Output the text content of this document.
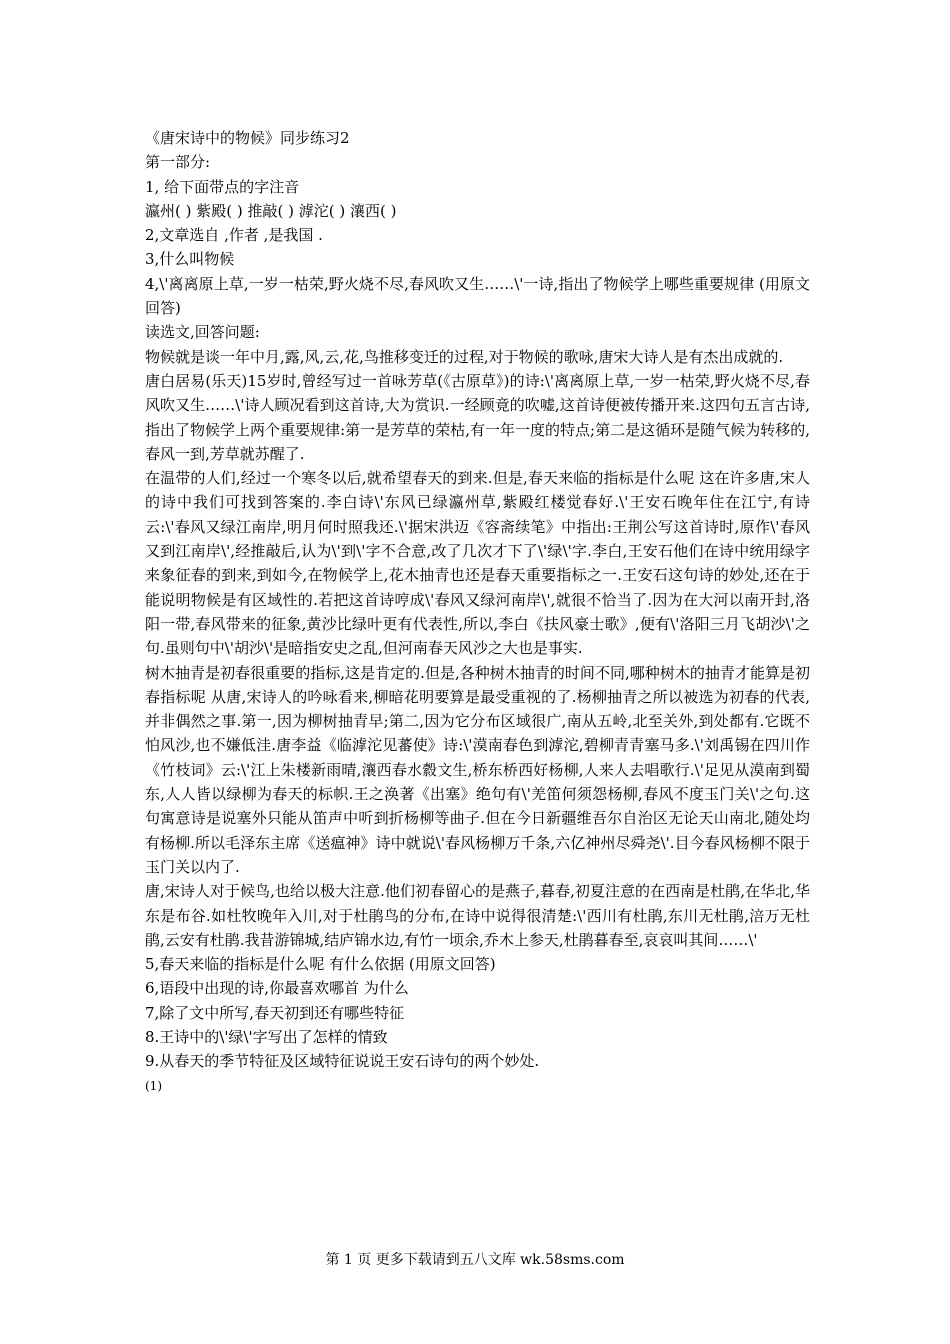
《唐宋诗中的物候》同步练习2
第一部分:
1, 给下面带点的字注音
瀛州( ) 紫殿( ) 推敲( ) 滹沱( ) 瀼西( )
2,文章选自 ,作者 ,是我国 .
3,什么叫物候
4,\'离离原上草,一岁一枯荣,野火烧不尽,春风吹又生……\'一诗,指出了物候学上哪些重要规律 (用原文回答)
读选文,回答问题:
物候就是谈一年中月,露,风,云,花,鸟推移变迁的过程,对于物候的歌咏,唐宋大诗人是有杰出成就的.
唐白居易(乐天)15岁时,曾经写过一首咏芳草(《古原草》)的诗:\'离离原上草,一岁一枯荣,野火烧不尽,春风吹又生……\'诗人顾况看到这首诗,大为赏识.一经顾竟的吹嘘,这首诗便被传播开来.这四句五言古诗,指出了物候学上两个重要规律:第一是芳草的荣枯,有一年一度的特点;第二是这循环是随气候为转移的,春风一到,芳草就苏醒了.
在温带的人们,经过一个寒冬以后,就希望春天的到来.但是,春天来临的指标是什么呢 这在许多唐,宋人的诗中我们可找到答案的.李白诗\'东风已绿瀛州草,紫殿红楼觉春好.\'王安石晚年住在江宁,有诗云:\'春风又绿江南岸,明月何时照我还.\'据宋洪迈《容斋续笔》中指出:王荆公写这首诗时,原作\'春风又到江南岸\',经推敲后,认为\'到\'字不合意,改了几次才下了\'绿\'字.李白,王安石他们在诗中统用绿字来象征春的到来,到如今,在物候学上,花木抽青也还是春天重要指标之一.王安石这句诗的妙处,还在于能说明物候是有区域性的.若把这首诗哼成\'春风又绿河南岸\',就很不恰当了.因为在大河以南开封,洛阳一带,春风带来的征象,黄沙比绿叶更有代表性,所以,李白《扶风豪士歌》,便有\'洛阳三月飞胡沙\'之句.虽则句中\'胡沙\'是暗指安史之乱,但河南春天风沙之大也是事实.
树木抽青是初春很重要的指标,这是肯定的.但是,各种树木抽青的时间不同,哪种树木的抽青才能算是初春指标呢 从唐,宋诗人的吟咏看来,柳暗花明要算是最受重视的了.杨柳抽青之所以被选为初春的代表,并非偶然之事.第一,因为柳树抽青早;第二,因为它分布区域很广,南从五岭,北至关外,到处都有.它既不怕风沙,也不嫌低洼.唐李益《临滹沱见蕃使》诗:\'漠南春色到滹沱,碧柳青青塞马多.\'刘禹锡在四川作《竹枝词》云:\'江上朱楼新雨晴,瀼西春水縠文生,桥东桥西好杨柳,人来人去唱歌行.\'足见从漠南到蜀东,人人皆以绿柳为春天的标帜.王之涣著《出塞》绝句有\'羌笛何须怨杨柳,春风不度玉门关\'之句.这句寓意诗是说塞外只能从笛声中听到折杨柳等曲子.但在今日新疆维吾尔自治区无论天山南北,随处均有杨柳.所以毛泽东主席《送瘟神》诗中就说\'春风杨柳万千条,六亿神州尽舜尧\'.目今春风杨柳不限于玉门关以内了.
唐,宋诗人对于候鸟,也给以极大注意.他们初春留心的是燕子,暮春,初夏注意的在西南是杜鹃,在华北,华东是布谷.如杜牧晚年入川,对于杜鹃鸟的分布,在诗中说得很清楚:\'西川有杜鹃,东川无杜鹃,涪万无杜鹃,云安有杜鹃.我昔游锦城,结庐锦水边,有竹一顷余,乔木上参天,杜鹃暮春至,哀哀叫其间……\'
5,春天来临的指标是什么呢 有什么依据 (用原文回答)
6,语段中出现的诗,你最喜欢哪首 为什么
7,除了文中所写,春天初到还有哪些特征
8.王诗中的\'绿\'字写出了怎样的情致
9.从春天的季节特征及区域特征说说王安石诗句的两个妙处.
(1)
第 1 页 更多下载请到五八文库 wk.58sms.com
